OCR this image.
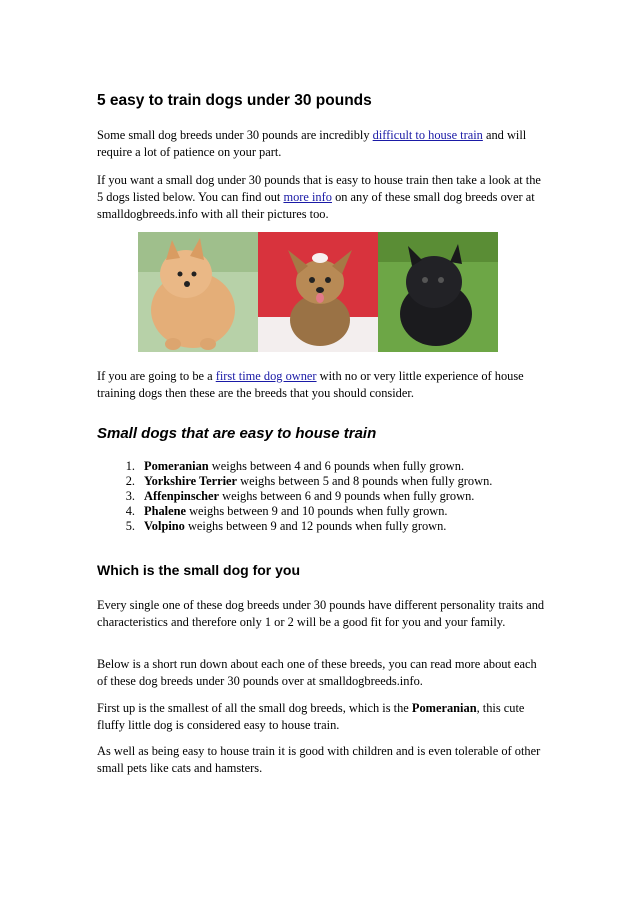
5 easy to train dogs under 30 pounds

Some small dog breeds under 30 pounds are incredibly difficult to house train and will require a lot of patience on your part.

If you want a small dog under 30 pounds that is easy to house train then take a look at the 5 dogs listed below. You can find out more info on any of these small dog breeds over at smalldogbreeds.info with all their pictures too.

If you are going to be a first time dog owner with no or very little experience of house training dogs then these are the breeds that you should consider.

Small dogs that are easy to house train
1. Pomeranian weighs between 4 and 6 pounds when fully grown.
2. Yorkshire Terrier weighs between 5 and 8 pounds when fully grown.
3. Affenpinscher weighs between 6 and 9 pounds when fully grown.
4. Phalene weighs between 9 and 10 pounds when fully grown.
5. Volpino weighs between 9 and 12 pounds when fully grown.
Which is the small dog for you

Every single one of these dog breeds under 30 pounds have different personality traits and characteristics and therefore only 1 or 2 will be a good fit for you and your family.

Below is a short run down about each one of these breeds, you can read more about each of these dog breeds under 30 pounds over at smalldogbreeds.info.

First up is the smallest of all the small dog breeds, which is the Pomeranian, this cute fluffy little dog is considered easy to house train.

As well as being easy to house train it is good with children and is even tolerable of other small pets like cats and hamsters.
